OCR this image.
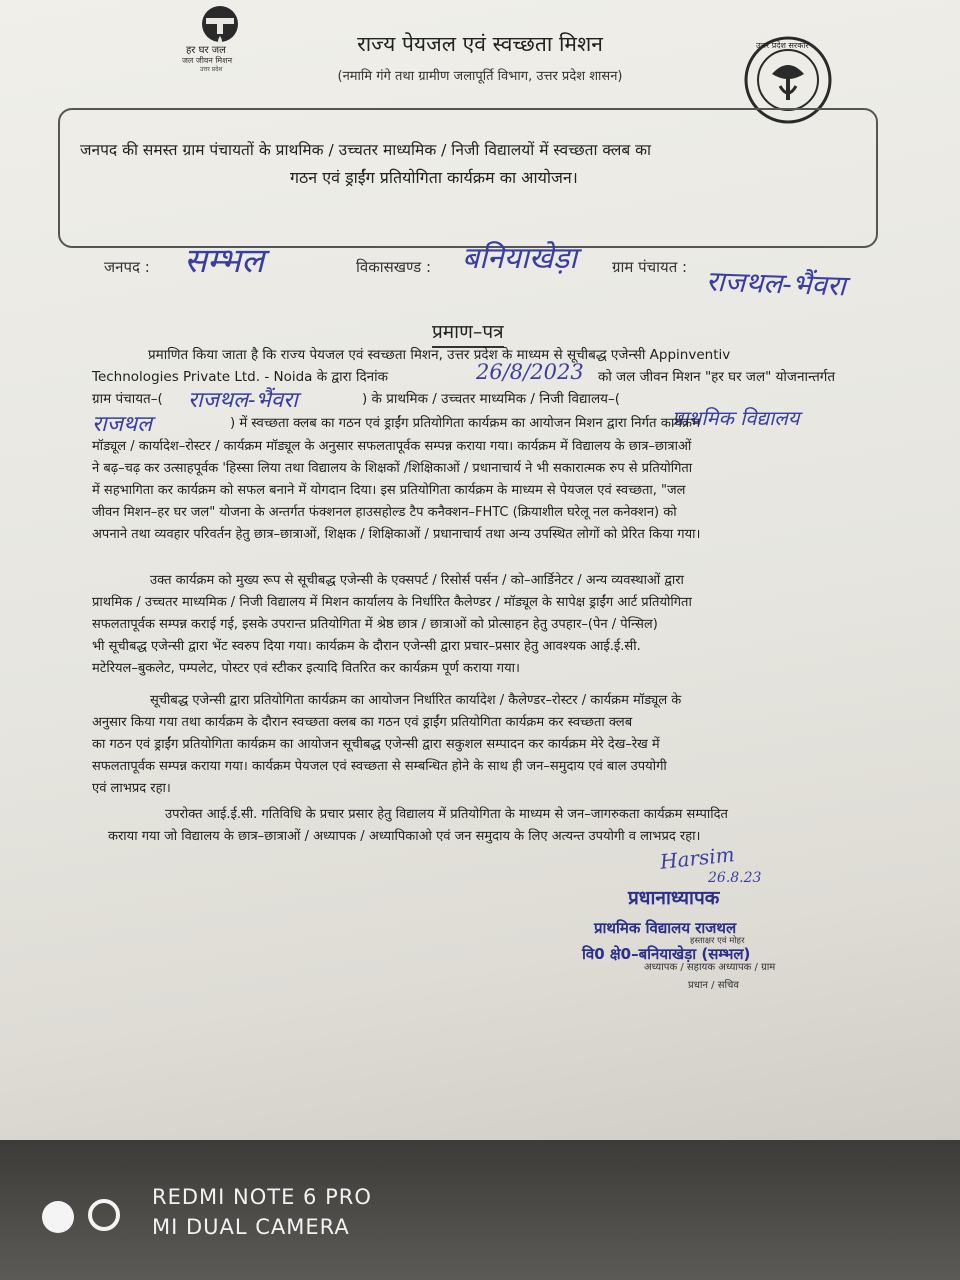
हर घर जल
जल जीवन मिशन
उत्तर प्रदेश
राज्य पेयजल एवं स्वच्छता मिशन
(नमामि गंगे तथा ग्रामीण जलापूर्ति विभाग, उत्तर प्रदेश शासन)
उत्तर प्रदेश सरकार
जनपद की समस्त ग्राम पंचायतों के प्राथमिक / उच्चतर माध्यमिक / निजी विद्यालयों में स्वच्छता क्लब का
गठन एवं ड्राईंग प्रतियोगिता कार्यक्रम का आयोजन।
जनपद : सम्भल	विकासखण्ड : बनियाखेड़ा ग्राम पंचायत : राजथल-भैंवरा
प्रमाण–पत्र
प्रमाणित किया जाता है कि राज्य पेयजल एवं स्वच्छता मिशन, उत्तर प्रदेश के माध्यम से सूचीबद्ध एजेन्सी Appinventiv
Technologies Private Ltd. - Noida के द्वारा दिनांक	26/8/2023 को जल जीवन मिशन "हर घर जल" योजनान्तर्गत
ग्राम पंचायत–( राजथल-भैंवरा	) के प्राथमिक / उच्चतर माध्यमिक / निजी विद्यालय–(
प्राथमिक विद्यालय
राजथल	) में स्वच्छता क्लब का गठन एवं ड्राईंग प्रतियोगिता कार्यक्रम का आयोजन मिशन द्वारा निर्गत कार्यक्रम
मॉड्यूल / कार्यादेश–रोस्टर / कार्यक्रम मॉड्यूल के अनुसार सफलतापूर्वक सम्पन्न कराया गया। कार्यक्रम में विद्यालय के छात्र–छात्राओं
ने बढ़–चढ़ कर उत्साहपूर्वक 'हिस्सा लिया तथा विद्यालय के शिक्षकों /शिक्षिकाओं / प्रधानाचार्य ने भी सकारात्मक रुप से प्रतियोगिता
में सहभागिता कर कार्यक्रम को सफल बनाने में योगदान दिया। इस प्रतियोगिता कार्यक्रम के माध्यम से पेयजल एवं स्वच्छता, "जल
जीवन मिशन–हर घर जल" योजना के अन्तर्गत फंक्शनल हाउसहोल्ड टैप कनैक्शन–FHTC (क्रियाशील घरेलू नल कनेक्शन) को
अपनाने तथा व्यवहार परिवर्तन हेतु छात्र–छात्राओं, शिक्षक / शिक्षिकाओं / प्रधानाचार्य तथा अन्य उपस्थित लोगों को प्रेरित किया गया।
उक्त कार्यक्रम को मुख्य रूप से सूचीबद्ध एजेन्सी के एक्सपर्ट / रिसोर्स पर्सन / को–आर्डिनेटर / अन्य व्यवस्थाओं द्वारा
प्राथमिक / उच्चतर माध्यमिक / निजी विद्यालय में मिशन कार्यालय के निर्धारित कैलेण्डर / मॉड्यूल के सापेक्ष ड्राईंग आर्ट प्रतियोगिता
सफलतापूर्वक सम्पन्न कराई गई, इसके उपरान्त प्रतियोगिता में श्रेष्ठ छात्र / छात्राओं को प्रोत्साहन हेतु उपहार–(पेन / पेन्सिल)
भी सूचीबद्ध एजेन्सी द्वारा भेंट स्वरुप दिया गया। कार्यक्रम के दौरान एजेन्सी द्वारा प्रचार–प्रसार हेतु आवश्यक आई.ई.सी.
मटेरियल–बुकलेट, पम्पलेट, पोस्टर एवं स्टीकर इत्यादि वितरित कर कार्यक्रम पूर्ण कराया गया।
सूचीबद्ध एजेन्सी द्वारा प्रतियोगिता कार्यक्रम का आयोजन निर्धारित कार्यादेश / कैलेण्डर–रोस्टर / कार्यक्रम मॉड्यूल के
अनुसार किया गया तथा कार्यक्रम के दौरान स्वच्छता क्लब का गठन एवं ड्राईंग प्रतियोगिता कार्यक्रम कर स्वच्छता क्लब
का गठन एवं ड्राईंग प्रतियोगिता कार्यक्रम का आयोजन सूचीबद्ध एजेन्सी द्वारा सकुशल सम्पादन कर कार्यक्रम मेरे देख–रेख में
सफलतापूर्वक सम्पन्न कराया गया। कार्यक्रम पेयजल एवं स्वच्छता से सम्बन्धित होने के साथ ही जन–समुदाय एवं बाल उपयोगी
एवं लाभप्रद रहा।
उपरोक्त आई.ई.सी. गतिविधि के प्रचार प्रसार हेतु विद्यालय में प्रतियोगिता के माध्यम से जन–जागरुकता कार्यक्रम सम्पादित
कराया गया जो विद्यालय के छात्र–छात्राओं / अध्यापक / अध्यापिकाओ एवं जन समुदाय के लिए अत्यन्त उपयोगी व लाभप्रद रहा।
Harsim
26.8.23
प्रधानाध्यापक
प्राथमिक विद्यालय राजथल
हस्ताक्षर एवं मोहर
वि0 क्षे0–बनियाखेड़ा (सम्भल)
अध्यापक / सहायक अध्यापक / ग्राम
प्रधान / सचिव
REDMI NOTE 6 PRO
MI DUAL CAMERA
